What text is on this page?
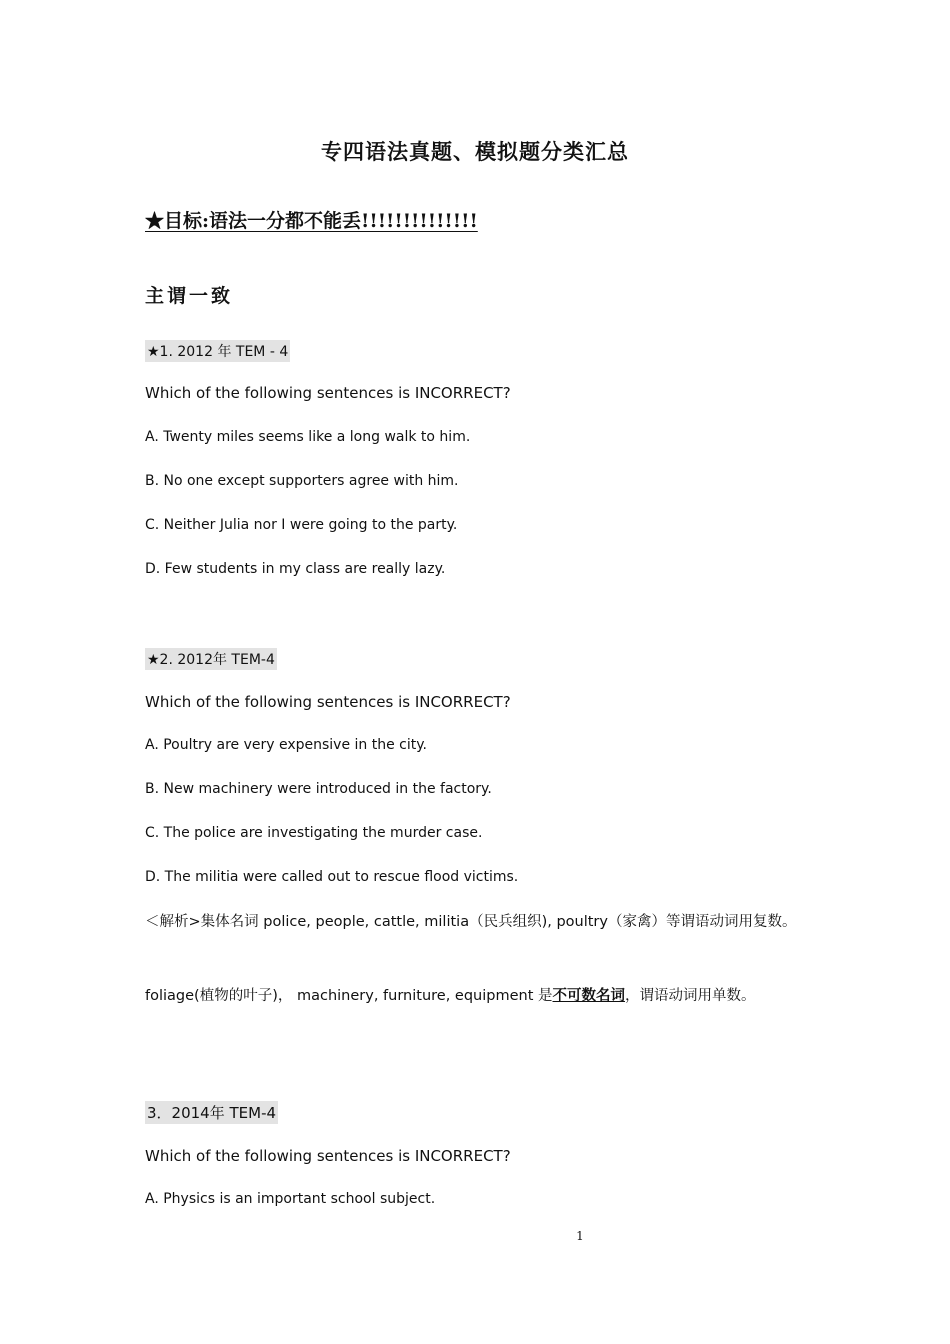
专四语法真题、模拟题分类汇总
★目标:语法一分都不能丢!!!!!!!!!!!!!!
主谓一致
★1. 2012 年 TEM - 4
Which of the following sentences is INCORRECT?
A. Twenty miles seems like a long walk to him.
B. No one except supporters agree with him.
C. Neither Julia nor I were going to the party.
D. Few students in my class are really lazy.
★2. 2012年 TEM-4
Which of the following sentences is INCORRECT?
A. Poultry are very expensive in the city.
B. New machinery were introduced in the factory.
C. The police are investigating the murder case.
D. The militia were called out to rescue flood victims.
＜解析>集体名词 police, people, cattle, militia（民兵组织), poultry（家禽）等谓语动词用复数。
foliage(植物的叶子)， machinery, furniture, equipment 是不可数名词，谓语动词用单数。
3．2014年 TEM-4
Which of the following sentences is INCORRECT?
A. Physics is an important school subject.
1
